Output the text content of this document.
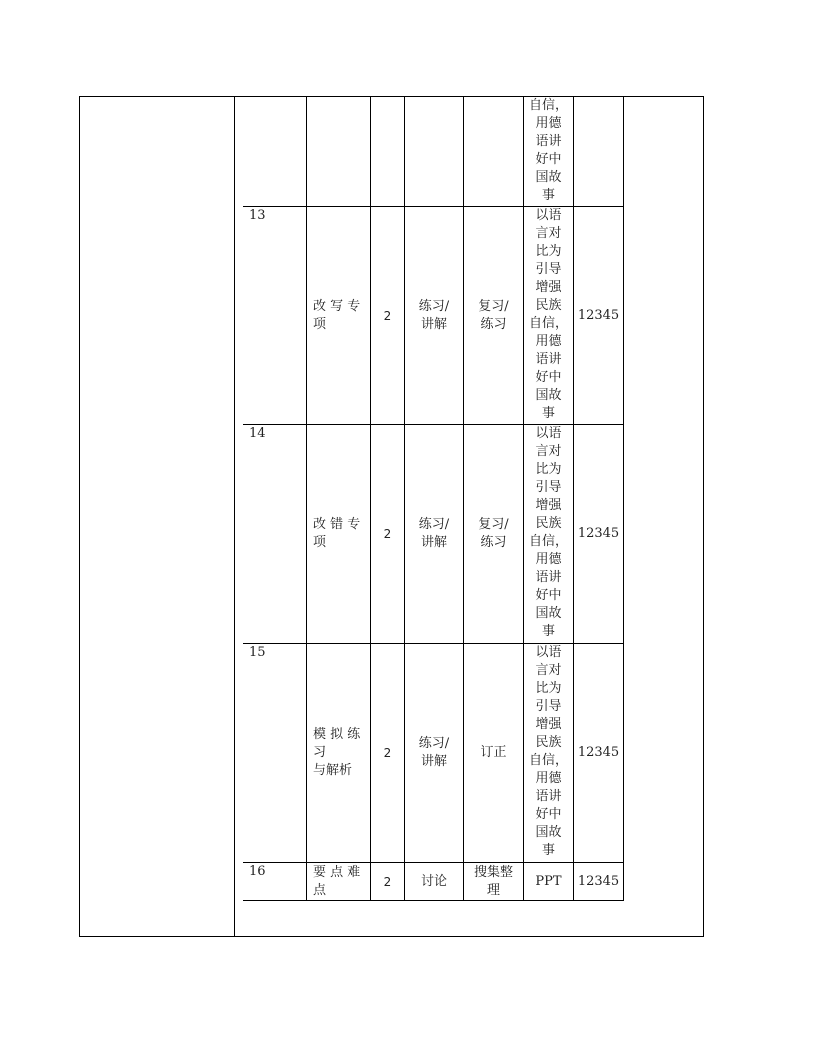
自信，
用德
语讲
好中
国故
事
13
改 写 专
项
2
练习/
讲解
复习/
练习
以语
言对
比为
引导
增强
民族
自信，
用德
语讲
好中
国故
事
12345
14
改 错 专
项
2
练习/
讲解
复习/
练习
以语
言对
比为
引导
增强
民族
自信，
用德
语讲
好中
国故
事
12345
15
模 拟 练
习
与解析
2
练习/
讲解
订正
以语
言对
比为
引导
增强
民族
自信，
用德
语讲
好中
国故
事
12345
16	要 点 难
点
2	讨论
搜集整
理
PPT 12345
